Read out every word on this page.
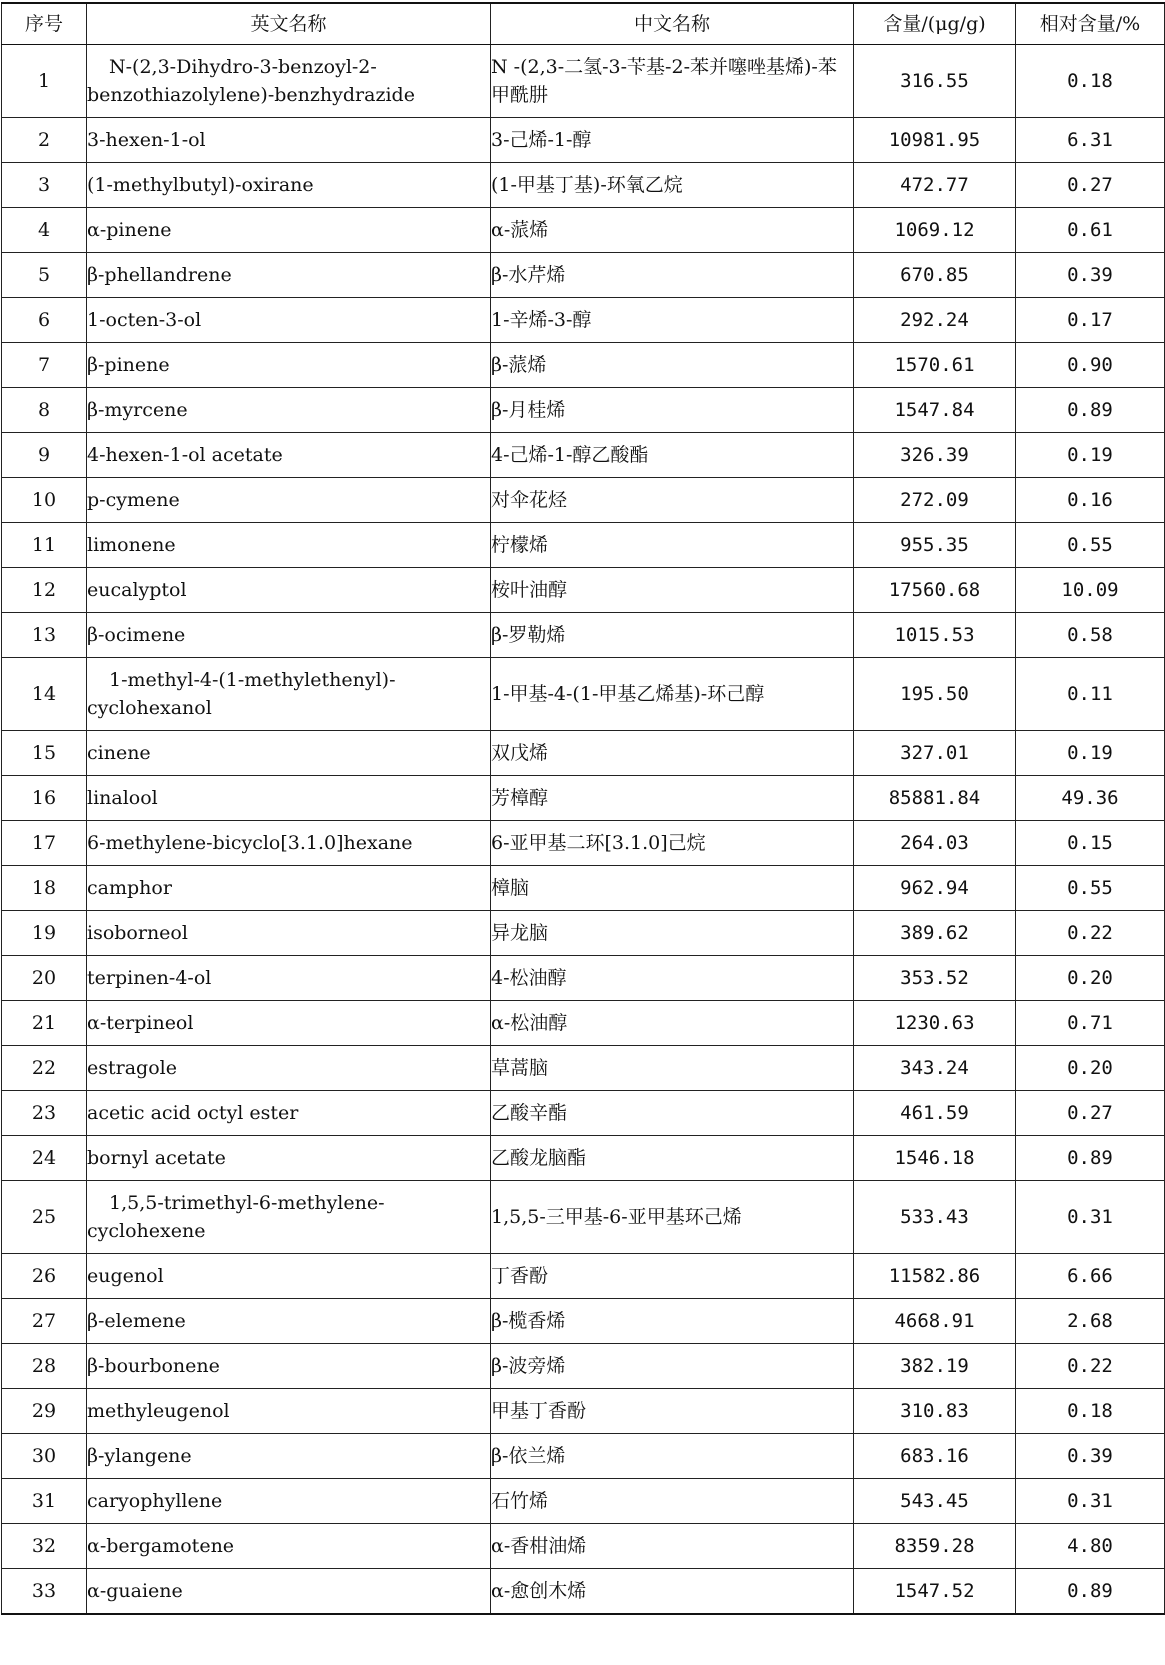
序号	英文名称	中文名称	含量/(μg/g)	相对含量/%
1	N-(2,3-Dihydro-3-benzoyl-2-benzothiazolylene)-benzhydrazide	N -(2,3-二氢-3-苄基-2-苯并噻唑基烯)-苯甲酰肼	316.55	0.18
2	3-hexen-1-ol	3-己烯-1-醇	10981.95	6.31
3	(1-methylbutyl)-oxirane	(1-甲基丁基)-环氧乙烷	472.77	0.27
4	α-pinene	α-蒎烯	1069.12	0.61
5	β-phellandrene	β-水芹烯	670.85	0.39
6	1-octen-3-ol	1-辛烯-3-醇	292.24	0.17
7	β-pinene	β-蒎烯	1570.61	0.90
8	β-myrcene	β-月桂烯	1547.84	0.89
9	4-hexen-1-ol acetate	4-己烯-1-醇乙酸酯	326.39	0.19
10	p-cymene	对伞花烃	272.09	0.16
11	limonene	柠檬烯	955.35	0.55
12	eucalyptol	桉叶油醇	17560.68	10.09
13	β-ocimene	β-罗勒烯	1015.53	0.58
14	1-methyl-4-(1-methylethenyl)-cyclohexanol	1-甲基-4-(1-甲基乙烯基)-环己醇	195.50	0.11
15	cinene	双戊烯	327.01	0.19
16	linalool	芳樟醇	85881.84	49.36
17	6-methylene-bicyclo[3.1.0]hexane	6-亚甲基二环[3.1.0]己烷	264.03	0.15
18	camphor	樟脑	962.94	0.55
19	isoborneol	异龙脑	389.62	0.22
20	terpinen-4-ol	4-松油醇	353.52	0.20
21	α-terpineol	α-松油醇	1230.63	0.71
22	estragole	草蒿脑	343.24	0.20
23	acetic acid octyl ester	乙酸辛酯	461.59	0.27
24	bornyl acetate	乙酸龙脑酯	1546.18	0.89
25	1,5,5-trimethyl-6-methylene-cyclohexene	1,5,5-三甲基-6-亚甲基环己烯	533.43	0.31
26	eugenol	丁香酚	11582.86	6.66
27	β-elemene	β-榄香烯	4668.91	2.68
28	β-bourbonene	β-波旁烯	382.19	0.22
29	methyleugenol	甲基丁香酚	310.83	0.18
30	β-ylangene	β-依兰烯	683.16	0.39
31	caryophyllene	石竹烯	543.45	0.31
32	α-bergamotene	α-香柑油烯	8359.28	4.80
33	α-guaiene	α-愈创木烯	1547.52	0.89
